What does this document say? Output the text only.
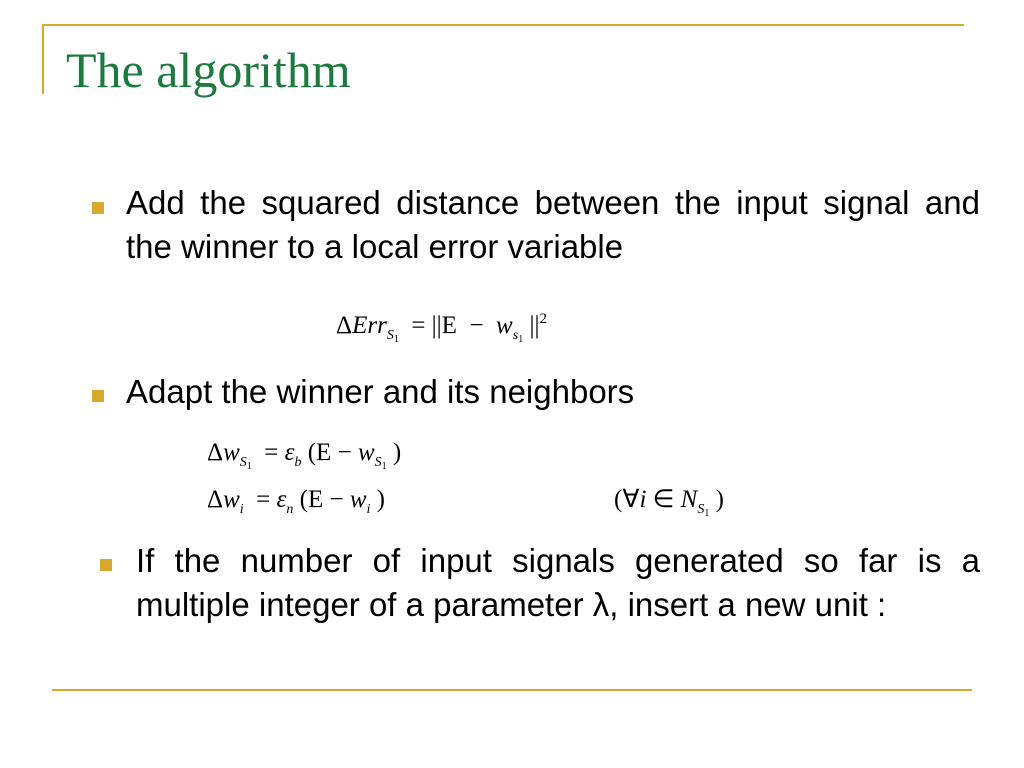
The algorithm
Add the squared distance between the input signal and the winner to a local error variable
$\Delta Err_{S_1} = ||E - w_{s_1}$ $||^2$
Adapt the winner and its neighbors
$\Delta w_{S_1} = \varepsilon_b$ ($E - w_{S_1}$ )
$\Delta w_i = \varepsilon_n$ ($E - w_i$ )	(∀i ∈ $N_{S_1}$ )
If the number of input signals generated so far is a multiple integer of a parameter λ, insert a new unit :
